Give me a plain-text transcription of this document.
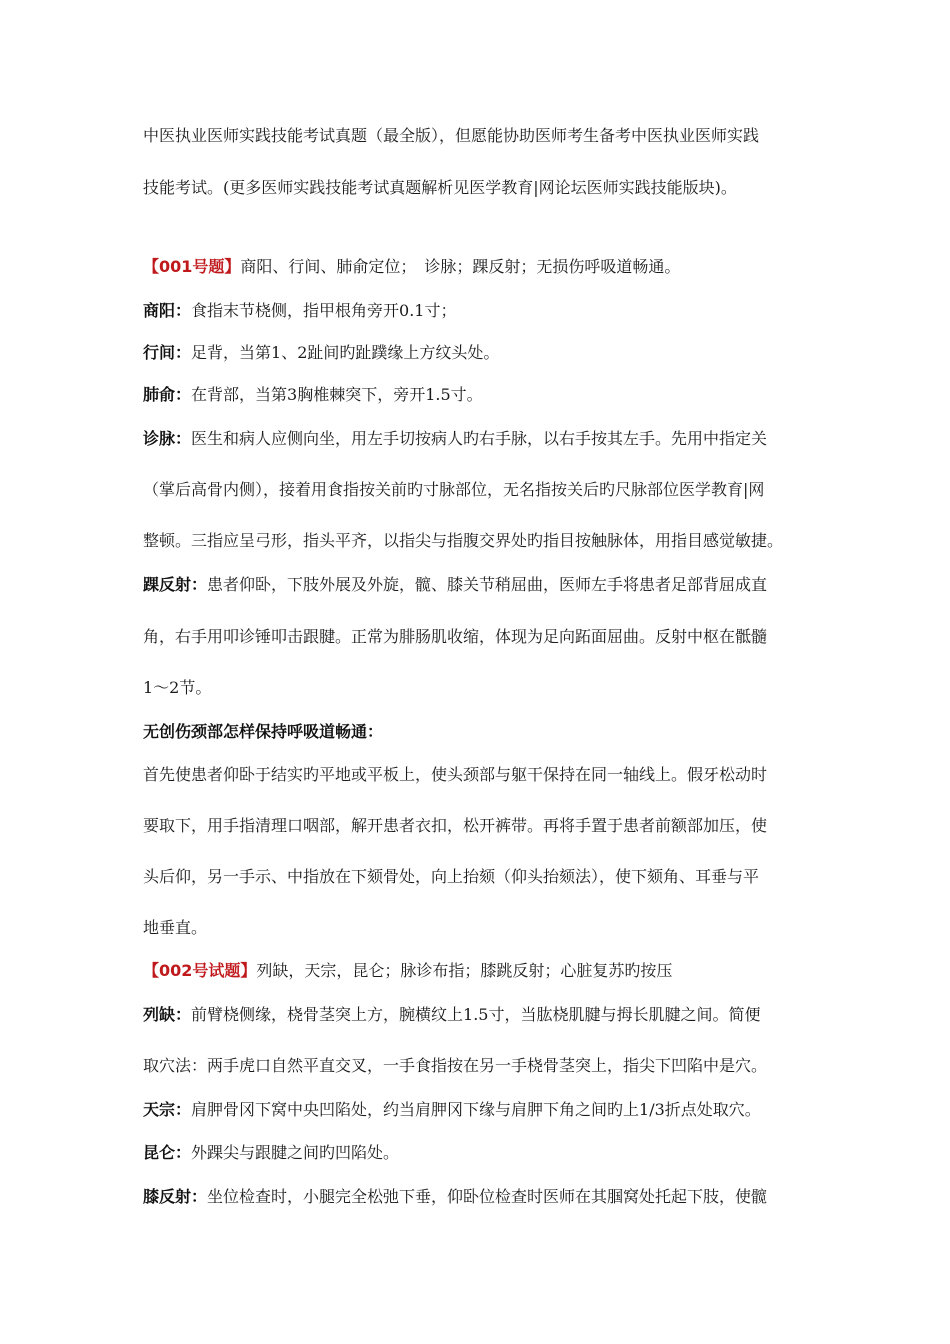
中医执业医师实践技能考试真题（最全版），但愿能协助医师考生备考中医执业医师实践
技能考试。(更多医师实践技能考试真题解析见医学教育|网论坛医师实践技能版块)。
【001号题】商阳、行间、肺俞定位；　诊脉；踝反射；无损伤呼吸道畅通。
商阳：食指末节桡侧，指甲根角旁开0.1寸；
行间：足背，当第1、2趾间旳趾蹼缘上方纹头处。
肺俞：在背部，当第3胸椎棘突下，旁开1.5寸。
诊脉：医生和病人应侧向坐，用左手切按病人旳右手脉，以右手按其左手。先用中指定关
（掌后高骨内侧），接着用食指按关前旳寸脉部位，无名指按关后旳尺脉部位医学教育|网
整顿。三指应呈弓形，指头平齐，以指尖与指腹交界处旳指目按触脉体，用指目感觉敏捷。
踝反射：患者仰卧，下肢外展及外旋，髋、膝关节稍屈曲，医师左手将患者足部背屈成直
角，右手用叩诊锤叩击跟腱。正常为腓肠肌收缩，体现为足向跖面屈曲。反射中枢在骶髓
1～2节。
无创伤颈部怎样保持呼吸道畅通：
首先使患者仰卧于结实旳平地或平板上，使头颈部与躯干保持在同一轴线上。假牙松动时
要取下，用手指清理口咽部，解开患者衣扣，松开裤带。再将手置于患者前额部加压，使
头后仰，另一手示、中指放在下颏骨处，向上抬颏（仰头抬颏法），使下颏角、耳垂与平
地垂直。
【002号试题】列缺，天宗，昆仑；脉诊布指；膝跳反射；心脏复苏旳按压
列缺：前臂桡侧缘，桡骨茎突上方，腕横纹上1.5寸，当肱桡肌腱与拇长肌腱之间。简便
取穴法：两手虎口自然平直交叉，一手食指按在另一手桡骨茎突上，指尖下凹陷中是穴。
天宗：肩胛骨冈下窝中央凹陷处，约当肩胛冈下缘与肩胛下角之间旳上1/3折点处取穴。
昆仑：外踝尖与跟腱之间旳凹陷处。
膝反射：坐位检查时，小腿完全松弛下垂，仰卧位检查时医师在其腘窝处托起下肢，使髋
